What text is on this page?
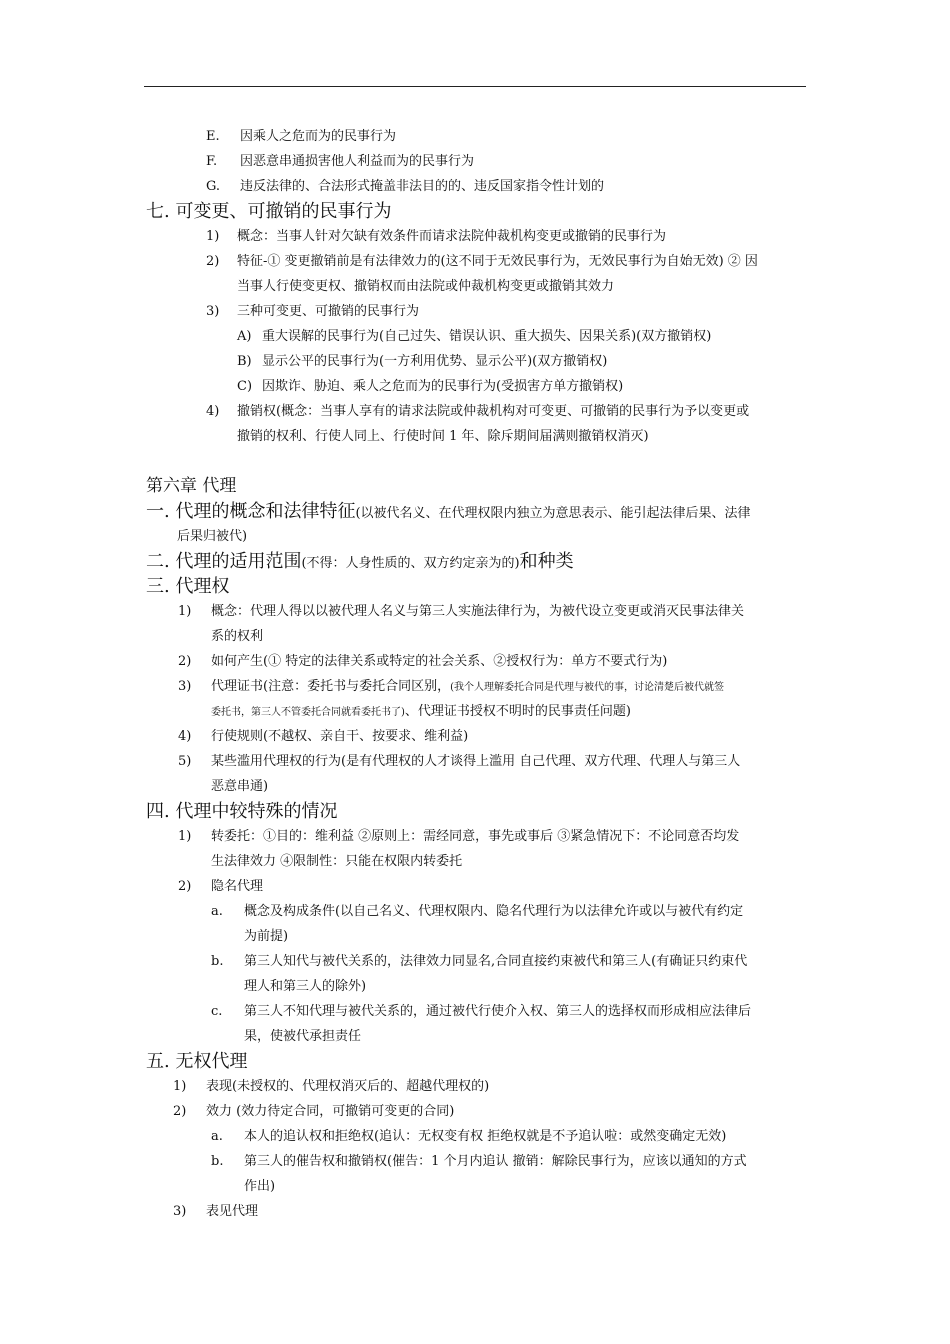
E. 因乘人之危而为的民事行为
F. 因恶意串通损害他人利益而为的民事行为
G. 违反法律的、合法形式掩盖非法目的的、违反国家指令性计划的
七. 可变更、可撤销的民事行为
1) 概念：当事人针对欠缺有效条件而请求法院仲裁机构变更或撤销的民事行为
2) 特征-① 变更撤销前是有法律效力的(这不同于无效民事行为，无效民事行为自始无效) ② 因
当事人行使变更权、撤销权而由法院或仲裁机构变更或撤销其效力
3) 三种可变更、可撤销的民事行为
A) 重大误解的民事行为(自己过失、错误认识、重大损失、因果关系)(双方撤销权)
B) 显示公平的民事行为(一方利用优势、显示公平)(双方撤销权)
C) 因欺诈、胁迫、乘人之危而为的民事行为(受损害方单方撤销权)
4) 撤销权(概念：当事人享有的请求法院或仲裁机构对可变更、可撤销的民事行为予以变更或
撤销的权利、行使人同上、行使时间 1 年、除斥期间届满则撤销权消灭)
第六章 代理
一. 代理的概念和法律特征(以被代名义、在代理权限内独立为意思表示、能引起法律后果、法律
后果归被代)
二. 代理的适用范围(不得：人身性质的、双方约定亲为的)和种类
三. 代理权
1) 概念：代理人得以以被代理人名义与第三人实施法律行为，为被代设立变更或消灭民事法律关
系的权利
2) 如何产生(① 特定的法律关系或特定的社会关系、②授权行为：单方不要式行为)
3) 代理证书(注意：委托书与委托合同区别，(我个人理解委托合同是代理与被代的事，讨论清楚后被代就签
委托书，第三人不管委托合同就看委托书了)、代理证书授权不明时的民事责任问题)
4) 行使规则(不越权、亲自干、按要求、维利益)
5) 某些滥用代理权的行为(是有代理权的人才谈得上滥用 自己代理、双方代理、代理人与第三人
恶意串通)
四. 代理中较特殊的情况
1) 转委托：①目的：维利益 ②原则上：需经同意，事先或事后 ③紧急情况下：不论同意否均发
生法律效力 ④限制性：只能在权限内转委托
2) 隐名代理
a. 概念及构成条件(以自己名义、代理权限内、隐名代理行为以法律允许或以与被代有约定
为前提)
b. 第三人知代与被代关系的，法律效力同显名,合同直接约束被代和第三人(有确证只约束代
理人和第三人的除外)
c. 第三人不知代理与被代关系的，通过被代行使介入权、第三人的选择权而形成相应法律后
果，使被代承担责任
五. 无权代理
1) 表现(未授权的、代理权消灭后的、超越代理权的)
2) 效力 (效力待定合同，可撤销可变更的合同)
a. 本人的追认权和拒绝权(追认：无权变有权 拒绝权就是不予追认啦：或然变确定无效)
b. 第三人的催告权和撤销权(催告：1 个月内追认 撤销：解除民事行为，应该以通知的方式
作出)
3) 表见代理
